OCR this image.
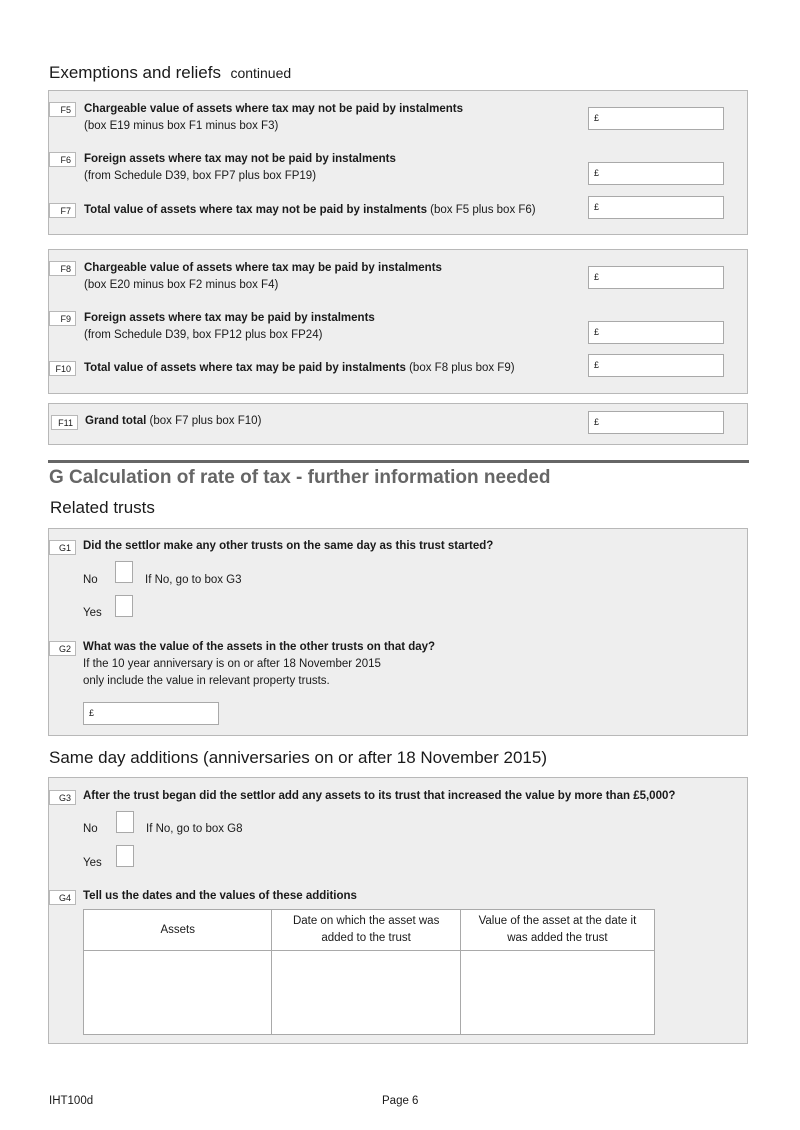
Exemptions and reliefs continued
F5	Chargeable value of assets where tax may not be paid by instalments
(box E19 minus box F1 minus box F3)
£
F6	Foreign assets where tax may not be paid by instalments
(from Schedule D39, box FP7 plus box FP19)	£
F7	Total value of assets where tax may not be paid by instalments (box F5 plus box F6)	£
F8	Chargeable value of assets where tax may be paid by instalments
(box E20 minus box F2 minus box F4)
£
F9	Foreign assets where tax may be paid by instalments
(from Schedule D39, box FP12 plus box FP24)	£
F10	Total value of assets where tax may be paid by instalments (box F8 plus box F9)	£
F11	Grand total (box F7 plus box F10)	£
G Calculation of rate of tax - further information needed
Related trusts
G1	Did the settlor make any other trusts on the same day as this trust started?
No	If No, go to box G3
Yes
G2	What was the value of the assets in the other trusts on that day?
If the 10 year anniversary is on or after 18 November 2015
only include the value in relevant property trusts.
£
Same day additions (anniversaries on or after 18 November 2015)
G3	After the trust began did the settlor add any assets to its trust that increased the value by more than £5,000?
No	If No, go to box G8
Yes
G4	Tell us the dates and the values of these additions
Assets	Date on which the asset was added to the trust	Value of the asset at the date it was added the trust

IHT100d	Page 6
